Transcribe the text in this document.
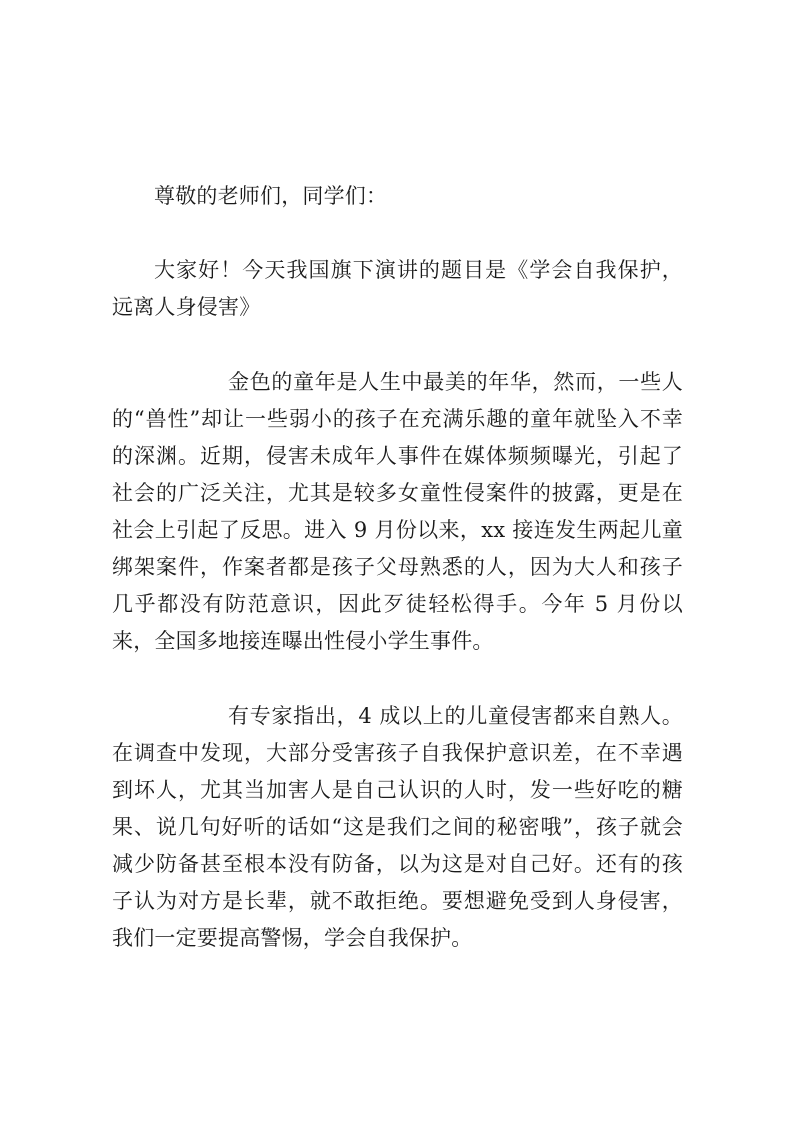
尊敬的老师们，同学们：

大家好！今天我国旗下演讲的题目是《学会自我保护，远离人身侵害》

金色的童年是人生中最美的年华，然而，一些人的“兽性”却让一些弱小的孩子在充满乐趣的童年就坠入不幸的深渊。近期，侵害未成年人事件在媒体频频曝光，引起了社会的广泛关注，尤其是较多女童性侵案件的披露，更是在社会上引起了反思。进入 9 月份以来，xx 接连发生两起儿童绑架案件，作案者都是孩子父母熟悉的人，因为大人和孩子几乎都没有防范意识，因此歹徒轻松得手。今年 5 月份以来，全国多地接连曝出性侵小学生事件。

有专家指出，4 成以上的儿童侵害都来自熟人。在调查中发现，大部分受害孩子自我保护意识差，在不幸遇到坏人，尤其当加害人是自己认识的人时，发一些好吃的糖果、说几句好听的话如“这是我们之间的秘密哦”，孩子就会减少防备甚至根本没有防备，以为这是对自己好。还有的孩子认为对方是长辈，就不敢拒绝。要想避免受到人身侵害，我们一定要提高警惕，学会自我保护。
